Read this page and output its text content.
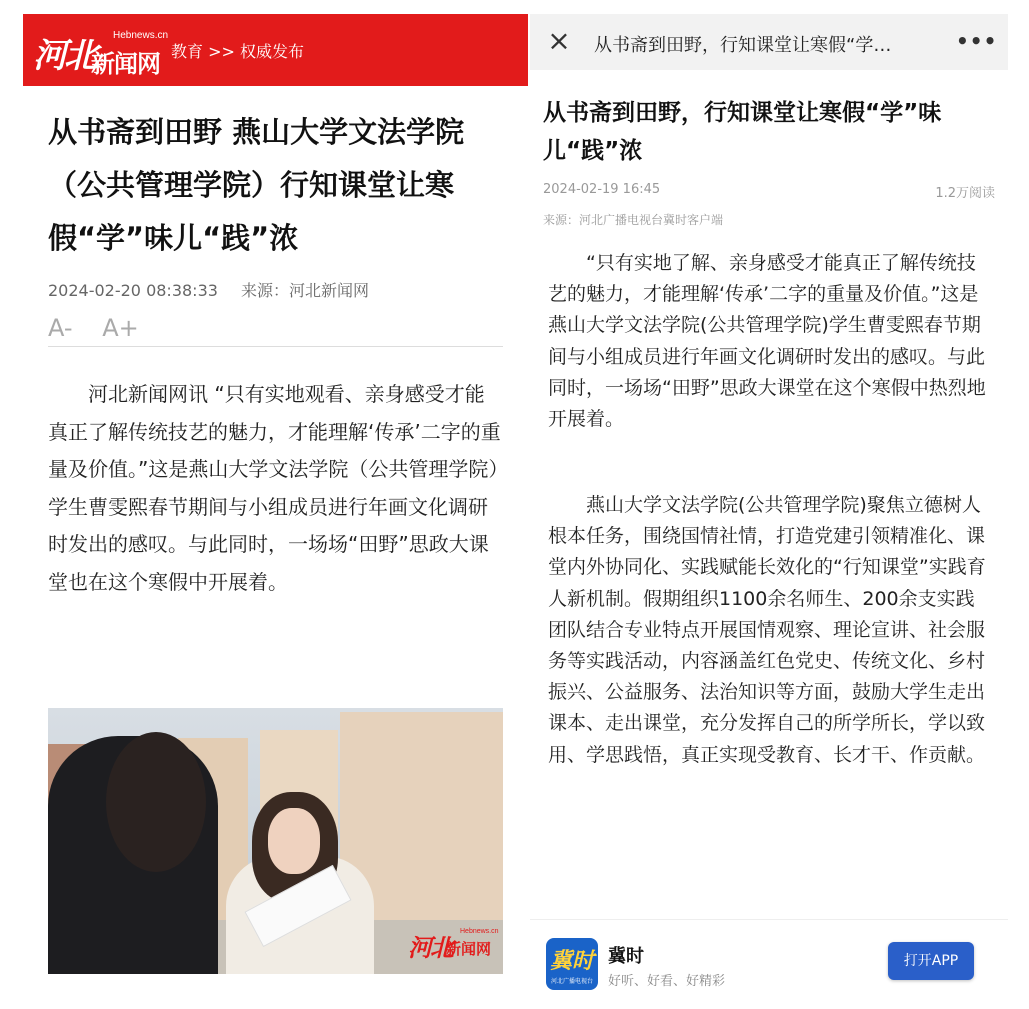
河北
Hebnews.cn
新闻网 教育 >> 权威发布
从书斋到田野 燕山大学文法学院（公共管理学院）行知课堂让寒假“学”味儿“践”浓
2024-02-20 08:38:33 来源：河北新闻网
A- A+

河北新闻网讯 “只有实地观看、亲身感受才能真正了解传统技艺的魅力，才能理解‘传承’二字的重量及价值。”这是燕山大学文法学院（公共管理学院）学生曹雯熙春节期间与小组成员进行年画文化调研时发出的感叹。与此同时，一场场“田野”思政大课堂也在这个寒假中开展着。

河北
Hebnews.cn
新闻网
× 从书斋到田野，行知课堂让寒假“学…	•••
从书斋到田野，行知课堂让寒假“学”味儿“践”浓
2024-02-19 16:45	1.2万阅读
来源：河北广播电视台冀时客户端

“只有实地了解、亲身感受才能真正了解传统技艺的魅力，才能理解‘传承’二字的重量及价值。”这是燕山大学文法学院(公共管理学院)学生曹雯熙春节期间与小组成员进行年画文化调研时发出的感叹。与此同时，一场场“田野”思政大课堂在这个寒假中热烈地开展着。

燕山大学文法学院(公共管理学院)聚焦立德树人根本任务，围绕国情社情，打造党建引领精准化、课堂内外协同化、实践赋能长效化的“行知课堂”实践育人新机制。假期组织1100余名师生、200余支实践团队结合专业特点开展国情观察、理论宣讲、社会服务等实践活动，内容涵盖红色党史、传统文化、乡村振兴、公益服务、法治知识等方面，鼓励大学生走出课本、走出课堂，充分发挥自己的所学所长，学以致用、学思践悟，真正实现受教育、长才干、作贡献。

冀时
河北广播电视台
冀时
好听、好看、好精彩
打开APP
